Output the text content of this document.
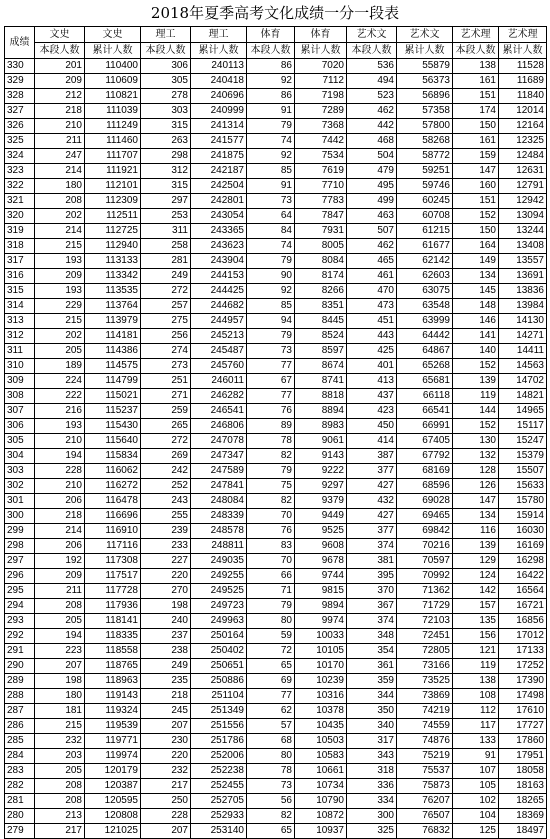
2018年夏季高考文化成绩一分一段表
成绩	文史	文史	理工	理工	体育	体育	艺术文	艺术文	艺术理	艺术理
	本段人数	累计人数	本段人数	累计人数	本段人数	累计人数	本段人数	累计人数	本段人数	累计人数
330	201	110400	306	240113	86	7020	536	55879	138	11528
329	209	110609	305	240418	92	7112	494	56373	161	11689
328	212	110821	278	240696	86	7198	523	56896	151	11840
327	218	111039	303	240999	91	7289	462	57358	174	12014
326	210	111249	315	241314	79	7368	442	57800	150	12164
325	211	111460	263	241577	74	7442	468	58268	161	12325
324	247	111707	298	241875	92	7534	504	58772	159	12484
323	214	111921	312	242187	85	7619	479	59251	147	12631
322	180	112101	315	242504	91	7710	495	59746	160	12791
321	208	112309	297	242801	73	7783	499	60245	151	12942
320	202	112511	253	243054	64	7847	463	60708	152	13094
319	214	112725	311	243365	84	7931	507	61215	150	13244
318	215	112940	258	243623	74	8005	462	61677	164	13408
317	193	113133	281	243904	79	8084	465	62142	149	13557
316	209	113342	249	244153	90	8174	461	62603	134	13691
315	193	113535	272	244425	92	8266	470	63075	145	13836
314	229	113764	257	244682	85	8351	473	63548	148	13984
313	215	113979	275	244957	94	8445	451	63999	146	14130
312	202	114181	256	245213	79	8524	443	64442	141	14271
311	205	114386	274	245487	73	8597	425	64867	140	14411
310	189	114575	273	245760	77	8674	401	65268	152	14563
309	224	114799	251	246011	67	8741	413	65681	139	14702
308	222	115021	271	246282	77	8818	437	66118	119	14821
307	216	115237	259	246541	76	8894	423	66541	144	14965
306	193	115430	265	246806	89	8983	450	66991	152	15117
305	210	115640	272	247078	78	9061	414	67405	130	15247
304	194	115834	269	247347	82	9143	387	67792	132	15379
303	228	116062	242	247589	79	9222	377	68169	128	15507
302	210	116272	252	247841	75	9297	427	68596	126	15633
301	206	116478	243	248084	82	9379	432	69028	147	15780
300	218	116696	255	248339	70	9449	427	69465	134	15914
299	214	116910	239	248578	76	9525	377	69842	116	16030
298	206	117116	233	248811	83	9608	374	70216	139	16169
297	192	117308	227	249035	70	9678	381	70597	129	16298
296	209	117517	220	249255	66	9744	395	70992	124	16422
295	211	117728	270	249525	71	9815	370	71362	142	16564
294	208	117936	198	249723	79	9894	367	71729	157	16721
293	205	118141	240	249963	80	9974	374	72103	135	16856
292	194	118335	237	250164	59	10033	348	72451	156	17012
291	223	118558	238	250402	72	10105	354	72805	121	17133
290	207	118765	249	250651	65	10170	361	73166	119	17252
289	198	118963	235	250886	69	10239	359	73525	138	17390
288	180	119143	218	251104	77	10316	344	73869	108	17498
287	181	119324	245	251349	62	10378	350	74219	112	17610
286	215	119539	207	251556	57	10435	340	74559	117	17727
285	232	119771	230	251786	68	10503	317	74876	133	17860
284	203	119974	220	252006	80	10583	343	75219	91	17951
283	205	120179	232	252238	78	10661	318	75537	107	18058
282	208	120387	217	252455	73	10734	336	75873	105	18163
281	208	120595	250	252705	56	10790	334	76207	102	18265
280	213	120808	228	252933	82	10872	300	76507	104	18369
279	217	121025	207	253140	65	10937	325	76832	125	18497
